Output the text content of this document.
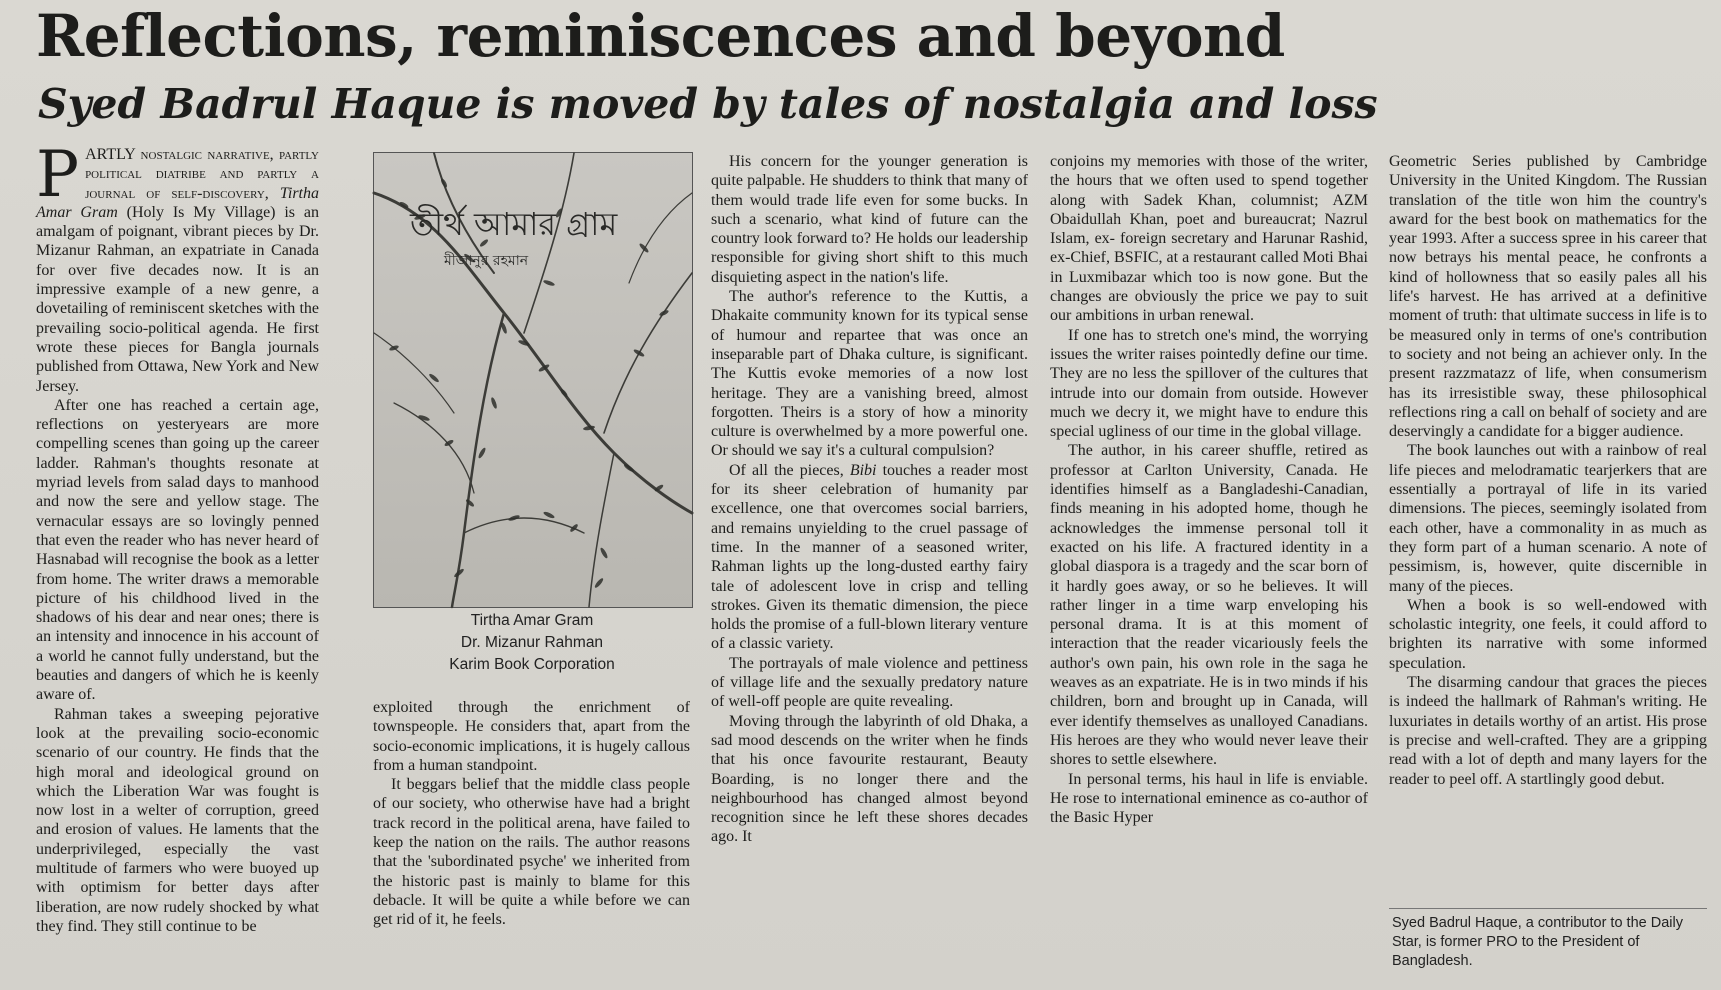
Reflections, reminiscences and beyond
Syed Badrul Haque is moved by tales of nostalgia and loss

PARTLY nostalgic narrative, partly political diatribe and partly a journal of self-discovery, Tirtha Amar Gram (Holy Is My Village) is an amalgam of poignant, vibrant pieces by Dr. Mizanur Rahman, an expatriate in Canada for over five decades now. It is an impressive example of a new genre, a dovetailing of reminiscent sketches with the prevailing socio-political agenda. He first wrote these pieces for Bangla journals published from Ottawa, New York and New Jersey.

After one has reached a certain age, reflections on yesteryears are more compelling scenes than going up the career ladder. Rahman's thoughts resonate at myriad levels from salad days to manhood and now the sere and yellow stage. The vernacular essays are so lovingly penned that even the reader who has never heard of Hasnabad will recognise the book as a letter from home. The writer draws a memorable picture of his childhood lived in the shadows of his dear and near ones; there is an intensity and innocence in his account of a world he cannot fully understand, but the beauties and dangers of which he is keenly aware of.

Rahman takes a sweeping pejorative look at the prevailing socio-economic scenario of our country. He finds that the high moral and ideological ground on which the Liberation War was fought is now lost in a welter of corruption, greed and erosion of values. He laments that the underprivileged, especially the vast multitude of farmers who were buoyed up with optimism for better days after liberation, are now rudely shocked by what they find. They still continue to be

তীর্থ আমার গ্রাম
মীজানুর রহমান
Tirtha Amar Gram
Dr. Mizanur Rahman
Karim Book Corporation

exploited through the enrichment of townspeople. He considers that, apart from the socio-economic implications, it is hugely callous from a human standpoint.

It beggars belief that the middle class people of our society, who otherwise have had a bright track record in the political arena, have failed to keep the nation on the rails. The author reasons that the 'subordinated psyche' we inherited from the historic past is mainly to blame for this debacle. It will be quite a while before we can get rid of it, he feels.

His concern for the younger generation is quite palpable. He shudders to think that many of them would trade life even for some bucks. In such a scenario, what kind of future can the country look forward to? He holds our leadership responsible for giving short shift to this much disquieting aspect in the nation's life.

The author's reference to the Kuttis, a Dhakaite community known for its typical sense of humour and repartee that was once an inseparable part of Dhaka culture, is significant. The Kuttis evoke memories of a now lost heritage. They are a vanishing breed, almost forgotten. Theirs is a story of how a minority culture is overwhelmed by a more powerful one. Or should we say it's a cultural compulsion?

Of all the pieces, Bibi touches a reader most for its sheer celebration of humanity par excellence, one that overcomes social barriers, and remains unyielding to the cruel passage of time. In the manner of a seasoned writer, Rahman lights up the long-dusted earthy fairy tale of adolescent love in crisp and telling strokes. Given its thematic dimension, the piece holds the promise of a full-blown literary venture of a classic variety.

The portrayals of male violence and pettiness of village life and the sexually predatory nature of well-off people are quite revealing.

Moving through the labyrinth of old Dhaka, a sad mood descends on the writer when he finds that his once favourite restaurant, Beauty Boarding, is no longer there and the neighbourhood has changed almost beyond recognition since he left these shores decades ago. It

conjoins my memories with those of the writer, the hours that we often used to spend together along with Sadek Khan, columnist; AZM Obaidullah Khan, poet and bureaucrat; Nazrul Islam, ex- foreign secretary and Harunar Rashid, ex-Chief, BSFIC, at a restaurant called Moti Bhai in Luxmibazar which too is now gone. But the changes are obviously the price we pay to suit our ambitions in urban renewal.

If one has to stretch one's mind, the worrying issues the writer raises pointedly define our time. They are no less the spillover of the cultures that intrude into our domain from outside. However much we decry it, we might have to endure this special ugliness of our time in the global village.

The author, in his career shuffle, retired as professor at Carlton University, Canada. He identifies himself as a Bangladeshi-Canadian, finds meaning in his adopted home, though he acknowledges the immense personal toll it exacted on his life. A fractured identity in a global diaspora is a tragedy and the scar born of it hardly goes away, or so he believes. It will rather linger in a time warp enveloping his personal drama. It is at this moment of interaction that the reader vicariously feels the author's own pain, his own role in the saga he weaves as an expatriate. He is in two minds if his children, born and brought up in Canada, will ever identify themselves as unalloyed Canadians. His heroes are they who would never leave their shores to settle elsewhere.

In personal terms, his haul in life is enviable. He rose to international eminence as co-author of the Basic Hyper

Geometric Series published by Cambridge University in the United Kingdom. The Russian translation of the title won him the country's award for the best book on mathematics for the year 1993. After a success spree in his career that now betrays his mental peace, he confronts a kind of hollowness that so easily pales all his life's harvest. He has arrived at a definitive moment of truth: that ultimate success in life is to be measured only in terms of one's contribution to society and not being an achiever only. In the present razzmatazz of life, when consumerism has its irresistible sway, these philosophical reflections ring a call on behalf of society and are deservingly a candidate for a bigger audience.

The book launches out with a rainbow of real life pieces and melodramatic tearjerkers that are essentially a portrayal of life in its varied dimensions. The pieces, seemingly isolated from each other, have a commonality in as much as they form part of a human scenario. A note of pessimism, is, however, quite discernible in many of the pieces.

When a book is so well-endowed with scholastic integrity, one feels, it could afford to brighten its narrative with some informed speculation.

The disarming candour that graces the pieces is indeed the hallmark of Rahman's writing. He luxuriates in details worthy of an artist. His prose is precise and well-crafted. They are a gripping read with a lot of depth and many layers for the reader to peel off. A startlingly good debut.

Syed Badrul Haque, a contributor to the Daily Star, is former PRO to the President of Bangladesh.
